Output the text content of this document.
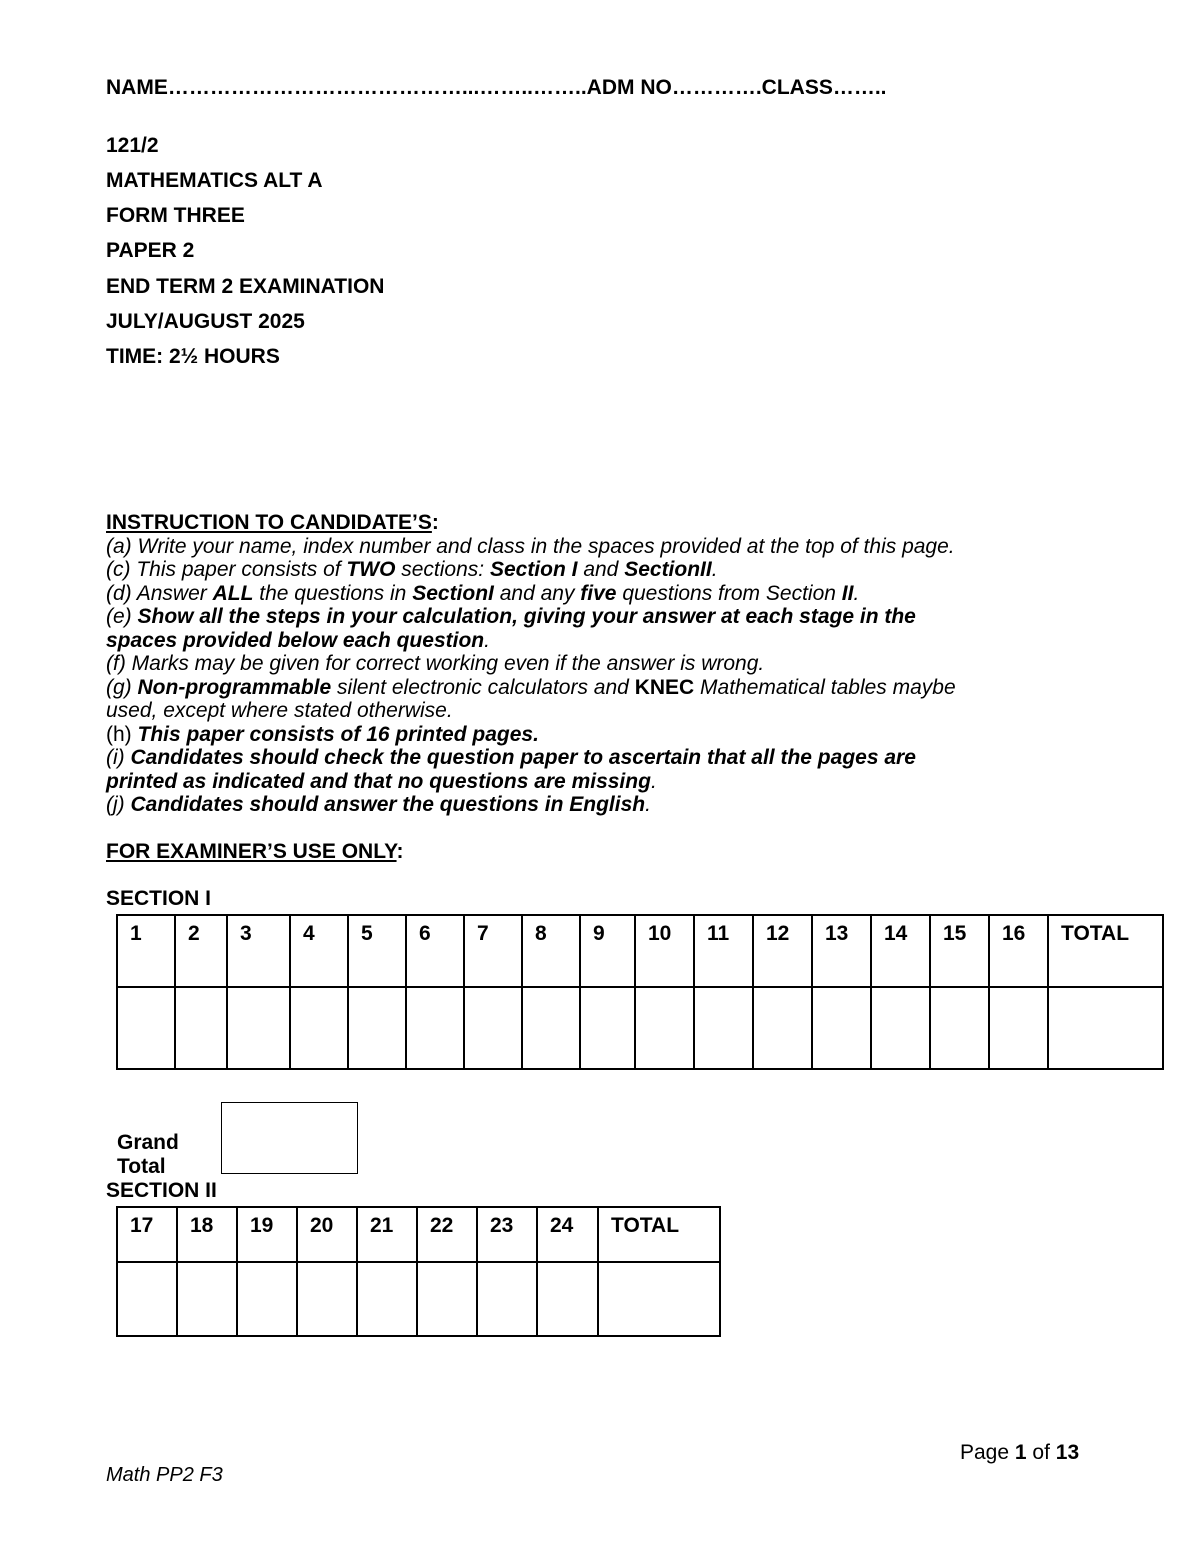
NAME……………………………………...……..……..ADM NO………….CLASS……..
121/2
MATHEMATICS ALT A
FORM THREE
PAPER 2
END TERM 2 EXAMINATION
JULY/AUGUST 2025
TIME: 2½ HOURS
INSTRUCTION TO CANDIDATE’S:
(a) Write your name, index number and class in the spaces provided at the top of this page.
(c) This paper consists of TWO sections: Section I and SectionII.
(d) Answer ALL the questions in SectionI and any five questions from Section II.
(e) Show all the steps in your calculation, giving your answer at each stage in the
spaces provided below each question.
(f) Marks may be given for correct working even if the answer is wrong.
(g) Non-programmable silent electronic calculators and KNEC Mathematical tables maybe
used, except where stated otherwise.
(h) This paper consists of 16 printed pages.
(i) Candidates should check the question paper to ascertain that all the pages are
printed as indicated and that no questions are missing.
(j) Candidates should answer the questions in English.
FOR EXAMINER’S USE ONLY:
SECTION I
1	2	3	4	5	6	7	8	9	10	11	12	13	14	15	16	TOTAL

Grand
Total
SECTION II
17	18	19	20	21	22	23	24	TOTAL

Page 1 of 13
Math PP2 F3
